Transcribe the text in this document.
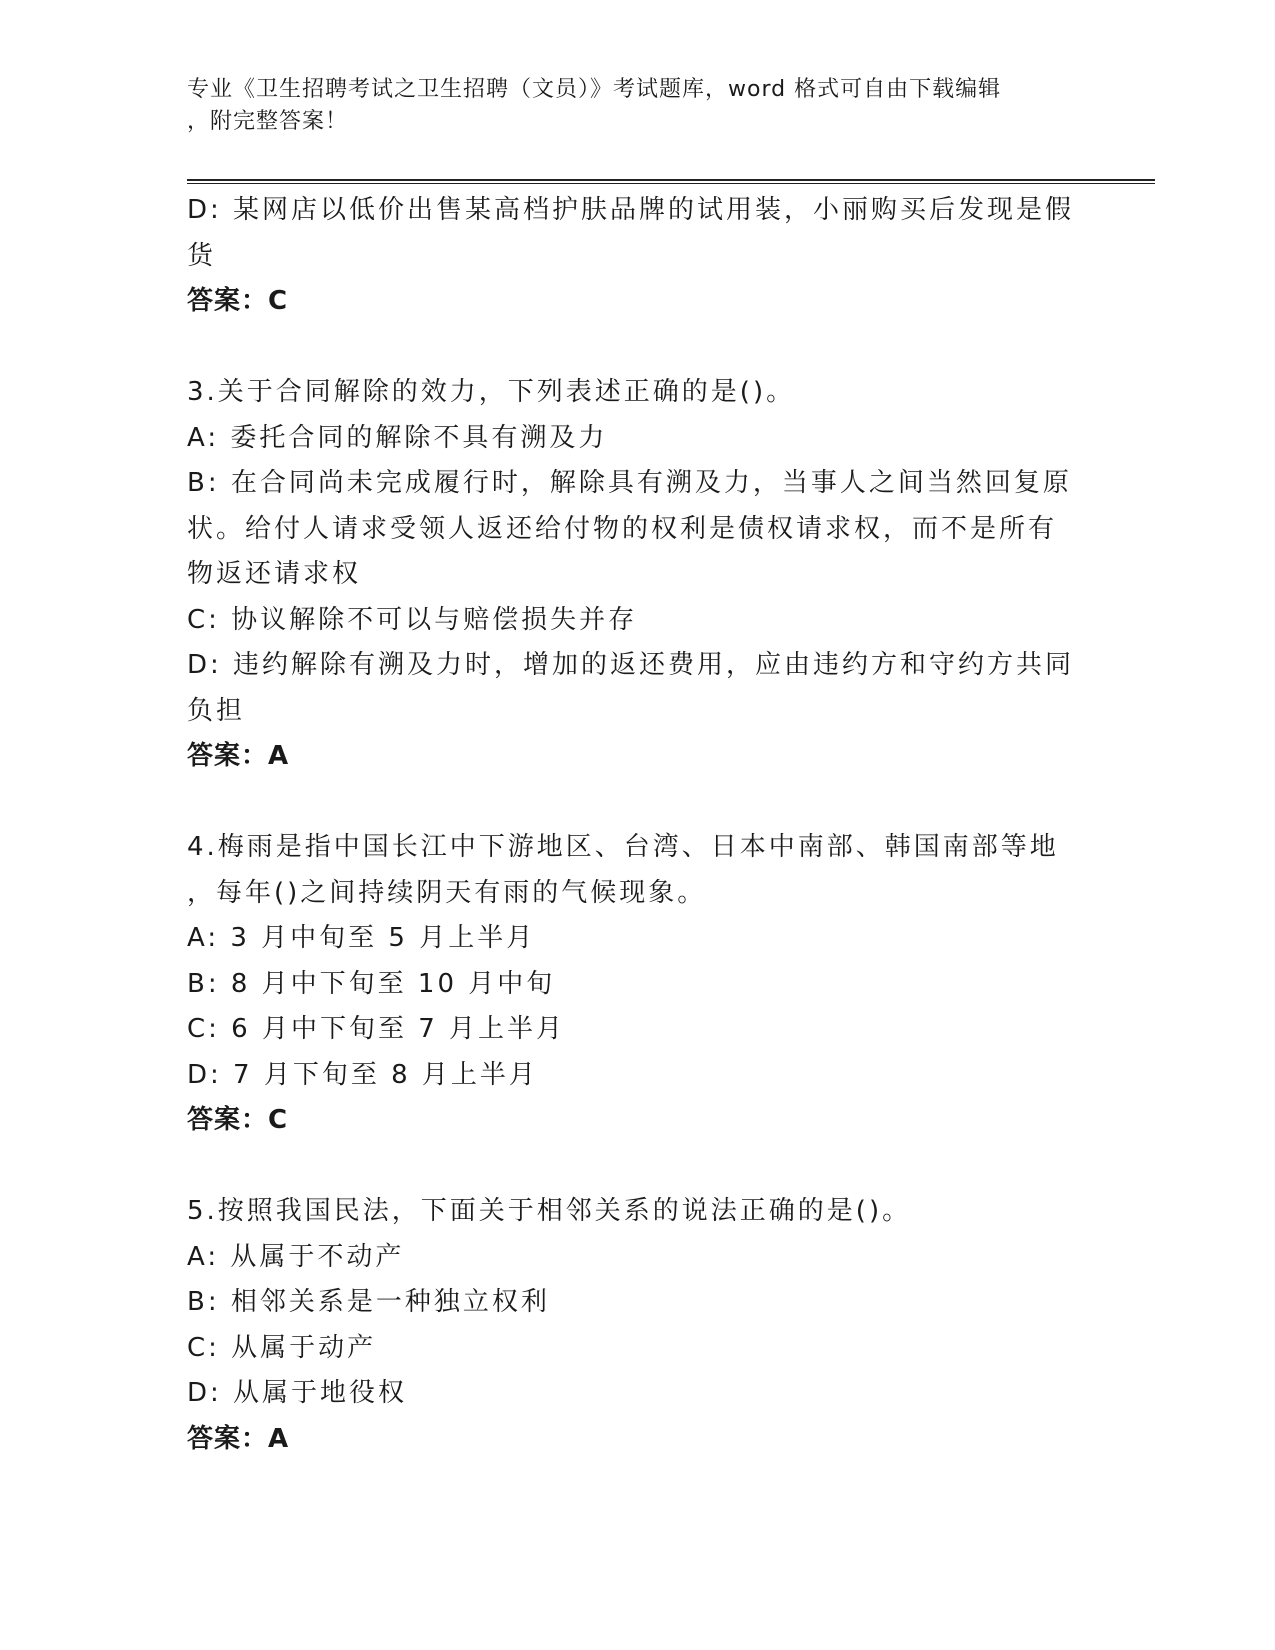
专业《卫生招聘考试之卫生招聘（文员）》考试题库，word 格式可自由下载编辑
，附完整答案！
D: 某网店以低价出售某高档护肤品牌的试用装，小丽购买后发现是假
货
答案：C
3.关于合同解除的效力，下列表述正确的是()。
A: 委托合同的解除不具有溯及力
B: 在合同尚未完成履行时，解除具有溯及力，当事人之间当然回复原
状。给付人请求受领人返还给付物的权利是债权请求权，而不是所有
物返还请求权
C: 协议解除不可以与赔偿损失并存
D: 违约解除有溯及力时，增加的返还费用，应由违约方和守约方共同
负担
答案：A
4.梅雨是指中国长江中下游地区、台湾、日本中南部、韩国南部等地
，每年()之间持续阴天有雨的气候现象。
A: 3 月中旬至 5 月上半月
B: 8 月中下旬至 10 月中旬
C: 6 月中下旬至 7 月上半月
D: 7 月下旬至 8 月上半月
答案：C
5.按照我国民法，下面关于相邻关系的说法正确的是()。
A: 从属于不动产
B: 相邻关系是一种独立权利
C: 从属于动产
D: 从属于地役权
答案：A
